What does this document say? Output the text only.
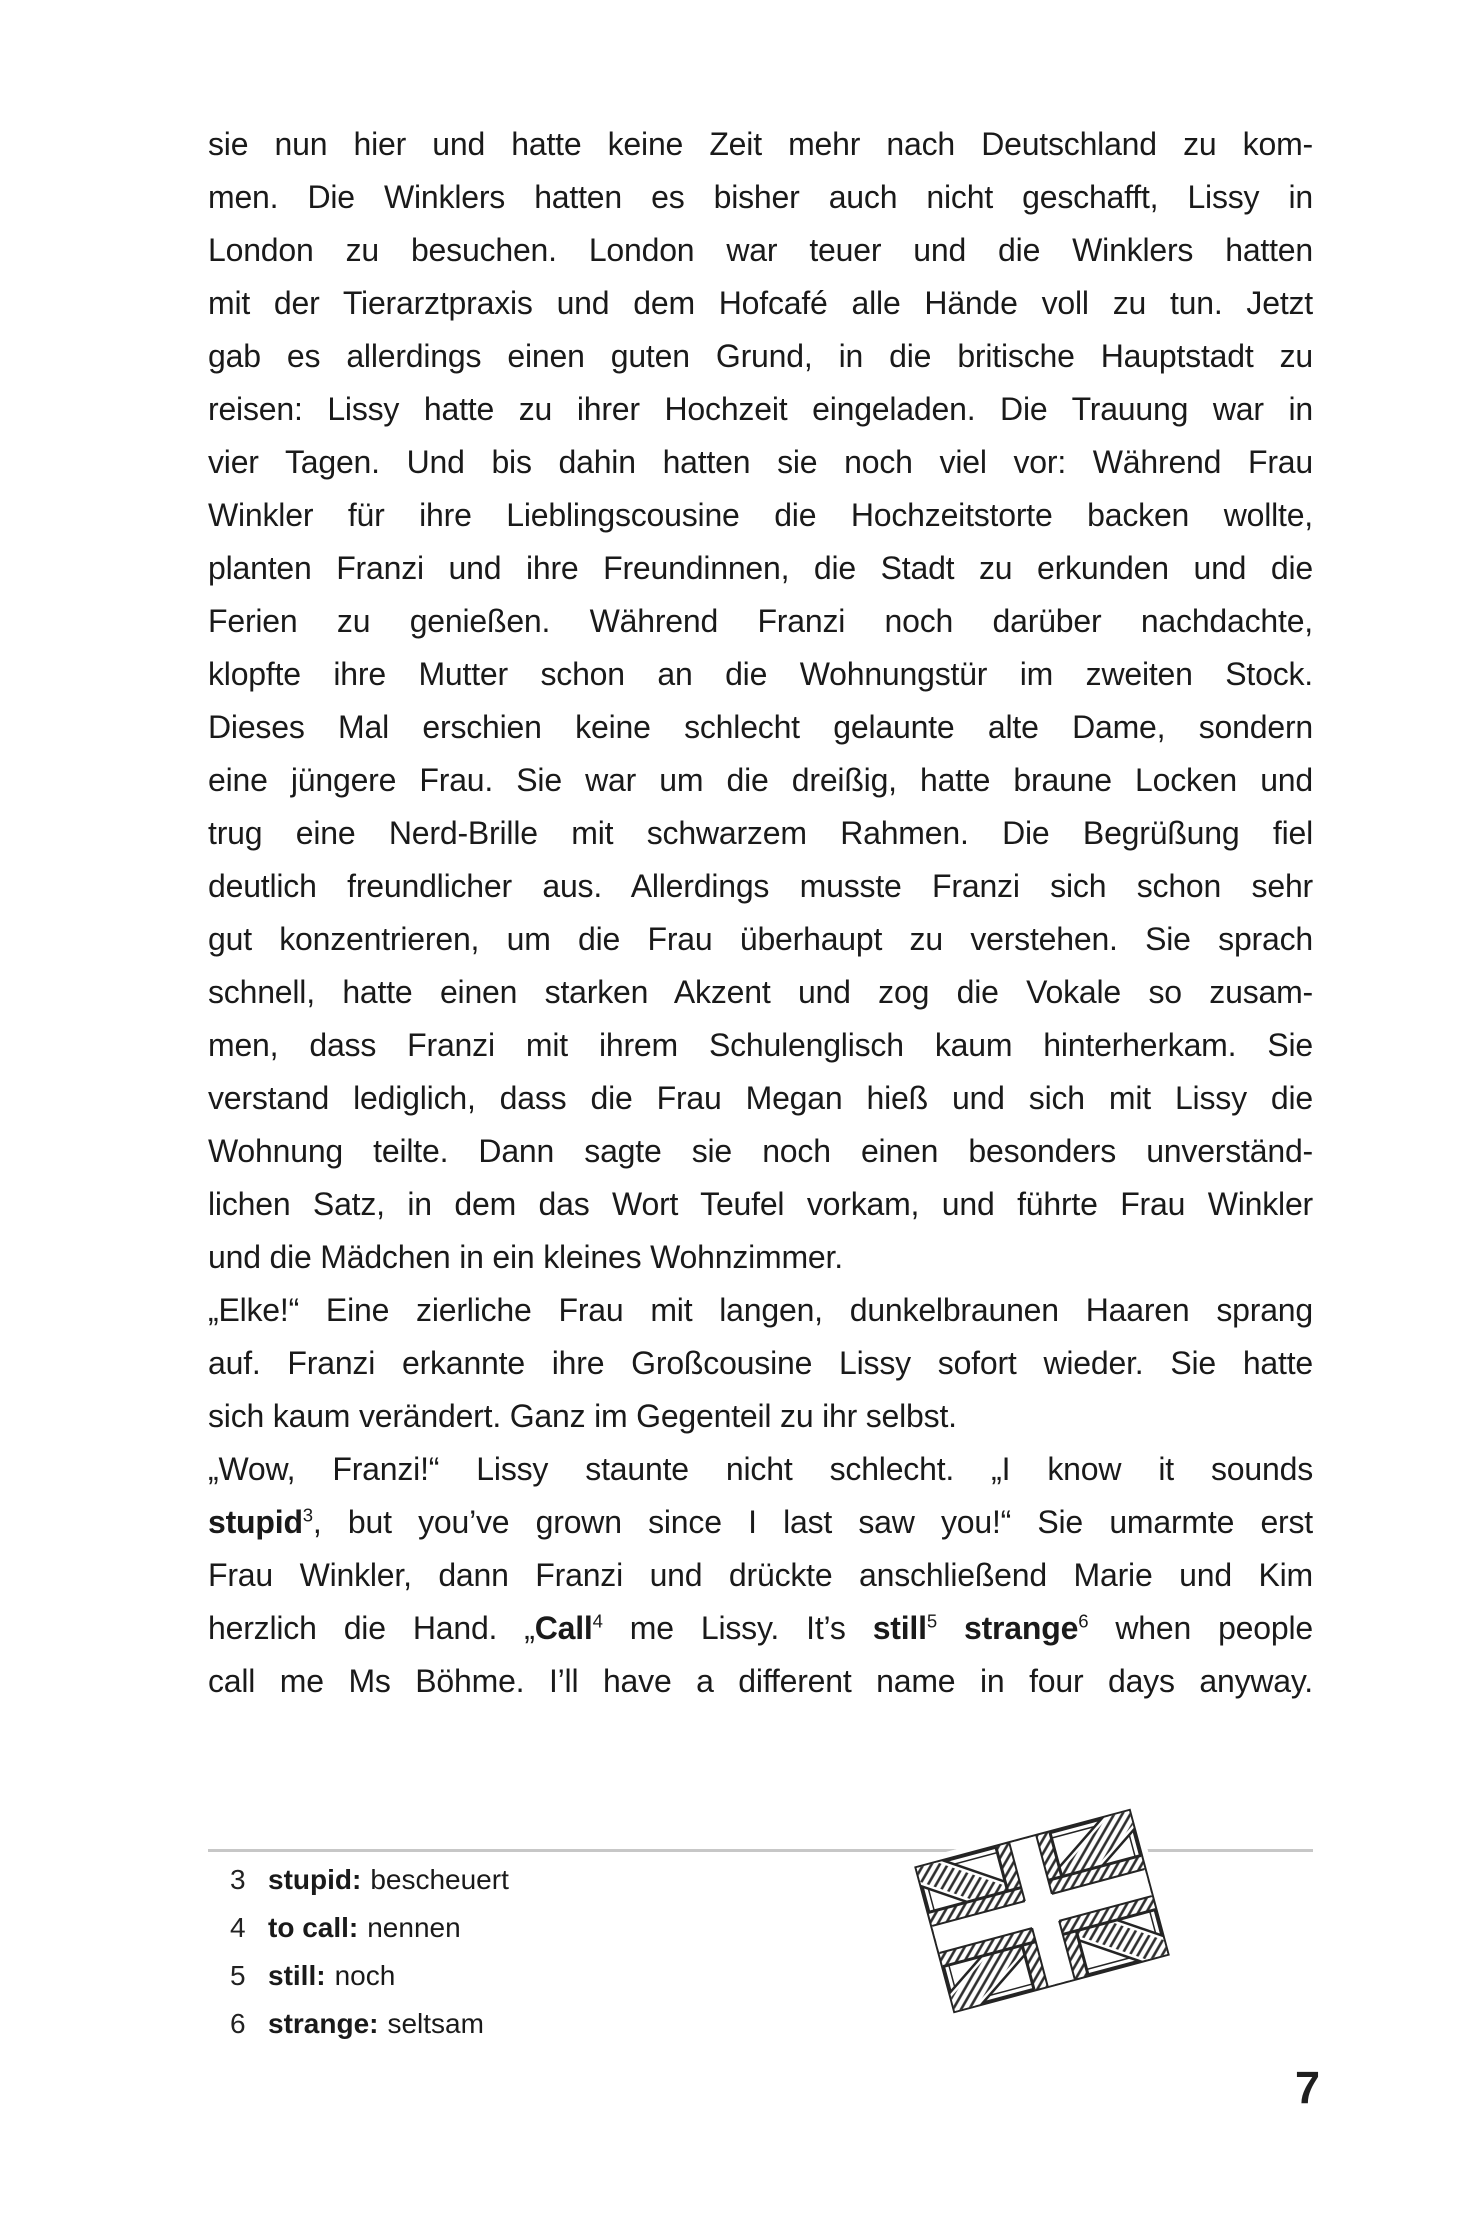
sie nun hier und hatte keine Zeit mehr nach Deutschland zu kom-
men. Die Winklers hatten es bisher auch nicht geschafft, Lissy in
London zu besuchen. London war teuer und die Winklers hatten
mit der Tierarztpraxis und dem Hofcafé alle Hände voll zu tun. Jetzt
gab es allerdings einen guten Grund, in die britische Hauptstadt zu
reisen: Lissy hatte zu ihrer Hochzeit eingeladen. Die Trauung war in
vier Tagen. Und bis dahin hatten sie noch viel vor: Während Frau
Winkler für ihre Lieblingscousine die Hochzeitstorte backen wollte,
planten Franzi und ihre Freundinnen, die Stadt zu erkunden und die
Ferien zu genießen. Während Franzi noch darüber nachdachte,
klopfte ihre Mutter schon an die Wohnungstür im zweiten Stock.
Dieses Mal erschien keine schlecht gelaunte alte Dame, sondern
eine jüngere Frau. Sie war um die dreißig, hatte braune Locken und
trug eine Nerd-Brille mit schwarzem Rahmen. Die Begrüßung fiel
deutlich freundlicher aus. Allerdings musste Franzi sich schon sehr
gut konzentrieren, um die Frau überhaupt zu verstehen. Sie sprach
schnell, hatte einen starken Akzent und zog die Vokale so zusam-
men, dass Franzi mit ihrem Schulenglisch kaum hinterherkam. Sie
verstand lediglich, dass die Frau Megan hieß und sich mit Lissy die
Wohnung teilte. Dann sagte sie noch einen besonders unverständ-
lichen Satz, in dem das Wort Teufel vorkam, und führte Frau Winkler
und die Mädchen in ein kleines Wohnzimmer.
„Elke!“ Eine zierliche Frau mit langen, dunkelbraunen Haaren sprang
auf. Franzi erkannte ihre Großcousine Lissy sofort wieder. Sie hatte
sich kaum verändert. Ganz im Gegenteil zu ihr selbst.
„Wow, Franzi!“ Lissy staunte nicht schlecht. „I know it sounds
stupid$^3$, but you’ve grown since I last saw you!“ Sie umarmte erst
Frau Winkler, dann Franzi und drückte anschließend Marie und Kim
herzlich die Hand. „Call$^4$ me Lissy. It’s still$^5$ strange$^6$ when people
call me Ms Böhme. I’ll have a different name in four days anyway.
3 stupid: bescheuert
4 to call: nennen
5 still: noch
6 strange: seltsam
7
